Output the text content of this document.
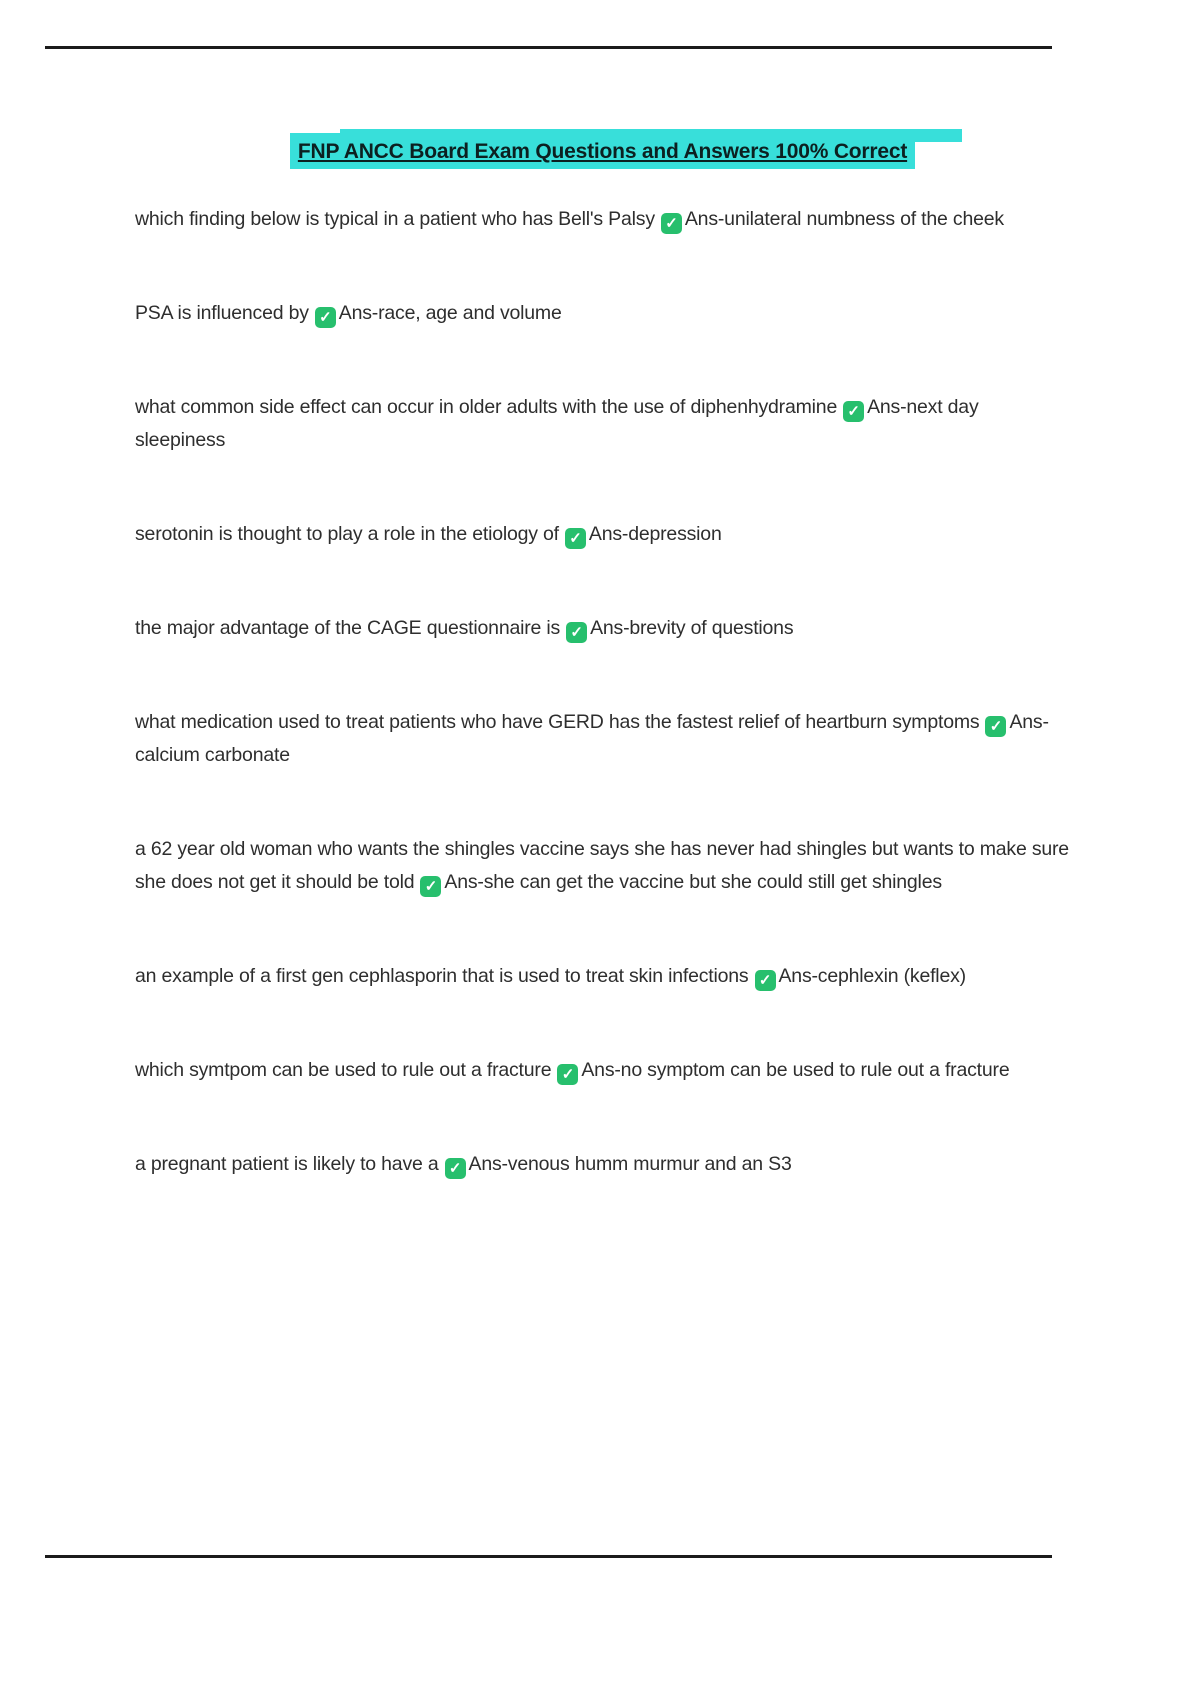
FNP ANCC Board Exam Questions and Answers 100% Correct

which finding below is typical in a patient who has Bell's Palsy ✓ Ans-unilateral numbness of the cheek

PSA is influenced by ✓ Ans-race, age and volume

what common side effect can occur in older adults with the use of diphenhydramine ✓ Ans-next day sleepiness

serotonin is thought to play a role in the etiology of ✓ Ans-depression

the major advantage of the CAGE questionnaire is ✓ Ans-brevity of questions

what medication used to treat patients who have GERD has the fastest relief of heartburn symptoms ✓ Ans-calcium carbonate

a 62 year old woman who wants the shingles vaccine says she has never had shingles but wants to make sure she does not get it should be told ✓ Ans-she can get the vaccine but she could still get shingles

an example of a first gen cephlasporin that is used to treat skin infections ✓ Ans-cephlexin (keflex)

which symtpom can be used to rule out a fracture ✓ Ans-no symptom can be used to rule out a fracture

a pregnant patient is likely to have a ✓ Ans-venous humm murmur and an S3
